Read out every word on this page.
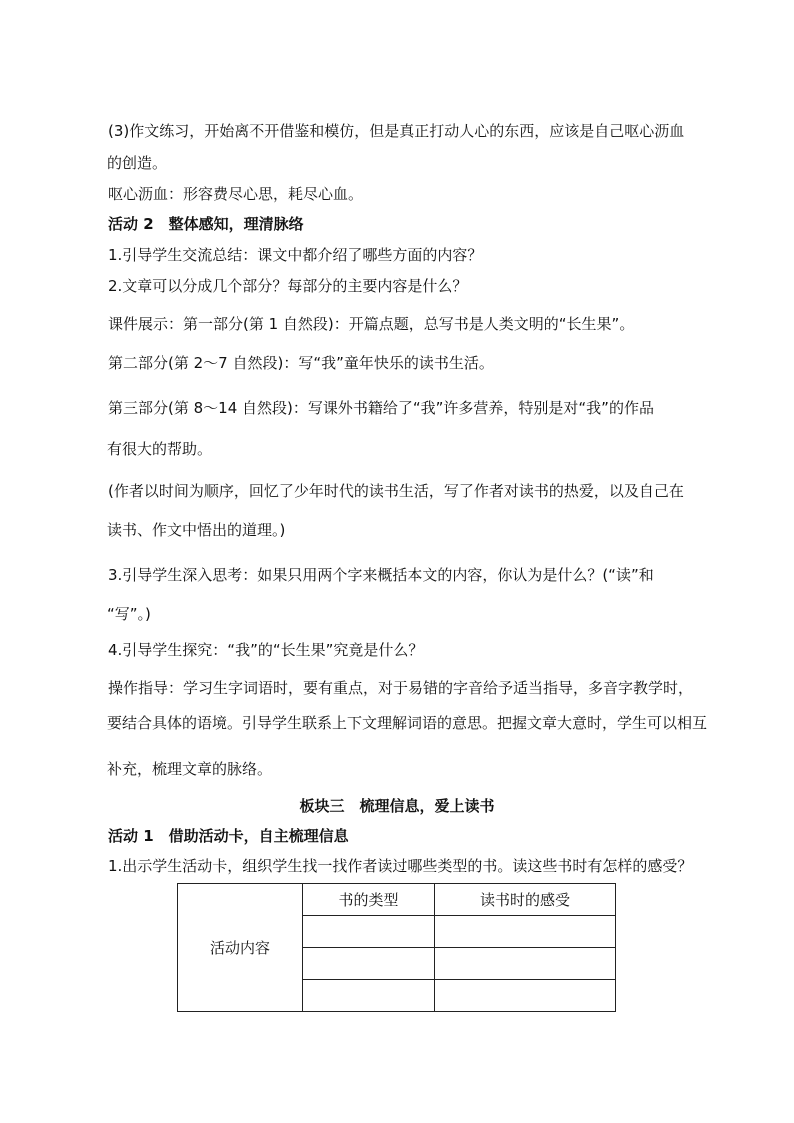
(3)作文练习，开始离不开借鉴和模仿，但是真正打动人心的东西，应该是自己呕心沥血
的创造。
呕心沥血：形容费尽心思，耗尽心血。
活动 2　整体感知，理清脉络
1.引导学生交流总结：课文中都介绍了哪些方面的内容？
2.文章可以分成几个部分？每部分的主要内容是什么？
课件展示：第一部分(第 1 自然段)：开篇点题，总写书是人类文明的“长生果”。
第二部分(第 2～7 自然段)：写“我”童年快乐的读书生活。
第三部分(第 8～14 自然段)：写课外书籍给了“我”许多营养，特别是对“我”的作品
有很大的帮助。
(作者以时间为顺序，回忆了少年时代的读书生活，写了作者对读书的热爱，以及自己在
读书、作文中悟出的道理。)
3.引导学生深入思考：如果只用两个字来概括本文的内容，你认为是什么？(“读”和
“写”。)
4.引导学生探究：“我”的“长生果”究竟是什么？
操作指导：学习生字词语时，要有重点，对于易错的字音给予适当指导，多音字教学时，
要结合具体的语境。引导学生联系上下文理解词语的意思。把握文章大意时，学生可以相互
补充，梳理文章的脉络。
板块三　梳理信息，爱上读书
活动 1　借助活动卡，自主梳理信息
1.出示学生活动卡，组织学生找一找作者读过哪些类型的书。读这些书时有怎样的感受？
活动内容	书的类型	读书时的感受
